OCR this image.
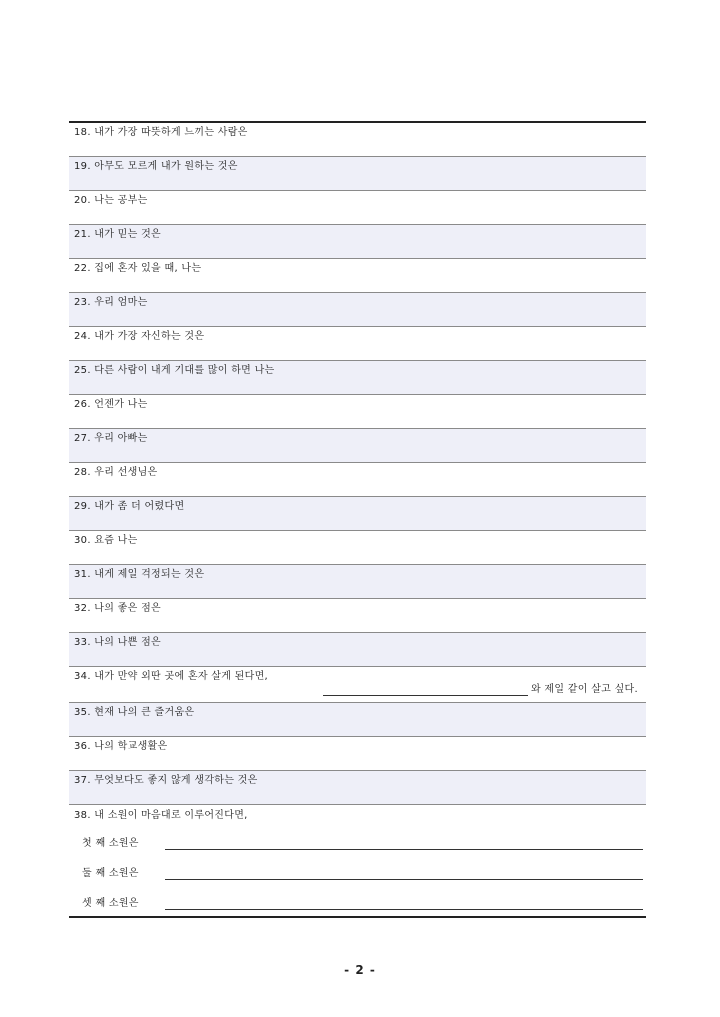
18. 내가 가장 따뜻하게 느끼는 사람은
19. 아무도 모르게 내가 원하는 것은
20. 나는 공부는
21. 내가 믿는 것은
22. 집에 혼자 있을 때, 나는
23. 우리 엄마는
24. 내가 가장 자신하는 것은
25. 다른 사람이 내게 기대를 많이 하면 나는
26. 언젠가 나는
27. 우리 아빠는
28. 우리 선생님은
29. 내가 좀 더 어렸다면
30. 요즘 나는
31. 내게 제일 걱정되는 것은
32. 나의 좋은 점은
33. 나의 나쁜 점은
34. 내가 만약 외딴 곳에 혼자 살게 된다면,
와 제일 같이 살고 싶다.
35. 현재 나의 큰 즐거움은
36. 나의 학교생활은
37. 무엇보다도 좋지 않게 생각하는 것은
38. 내 소원이 마음대로 이루어진다면,
첫 째 소원은
둘 째 소원은
셋 째 소원은
- 2 -
